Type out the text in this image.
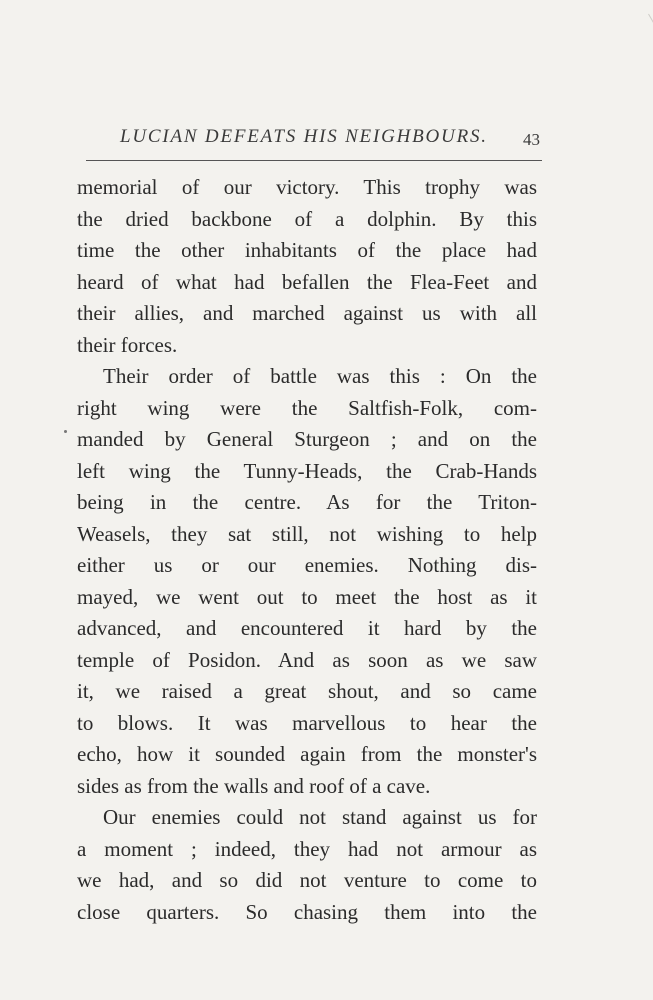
LUCIAN DEFEATS HIS NEIGHBOURS. 43
memorial of our victory. This trophy was
the dried backbone of a dolphin. By this
time the other inhabitants of the place had
heard of what had befallen the Flea-Feet and
their allies, and marched against us with all
their forces.
Their order of battle was this : On the
right wing were the Saltfish-Folk, com-
manded by General Sturgeon ; and on the
left wing the Tunny-Heads, the Crab-Hands
being in the centre. As for the Triton-
Weasels, they sat still, not wishing to help
either us or our enemies. Nothing dis-
mayed, we went out to meet the host as it
advanced, and encountered it hard by the
temple of Posidon. And as soon as we saw
it, we raised a great shout, and so came
to blows. It was marvellous to hear the
echo, how it sounded again from the monster's
sides as from the walls and roof of a cave.
Our enemies could not stand against us for
a moment ; indeed, they had not armour as
we had, and so did not venture to come to
close quarters. So chasing them into the
